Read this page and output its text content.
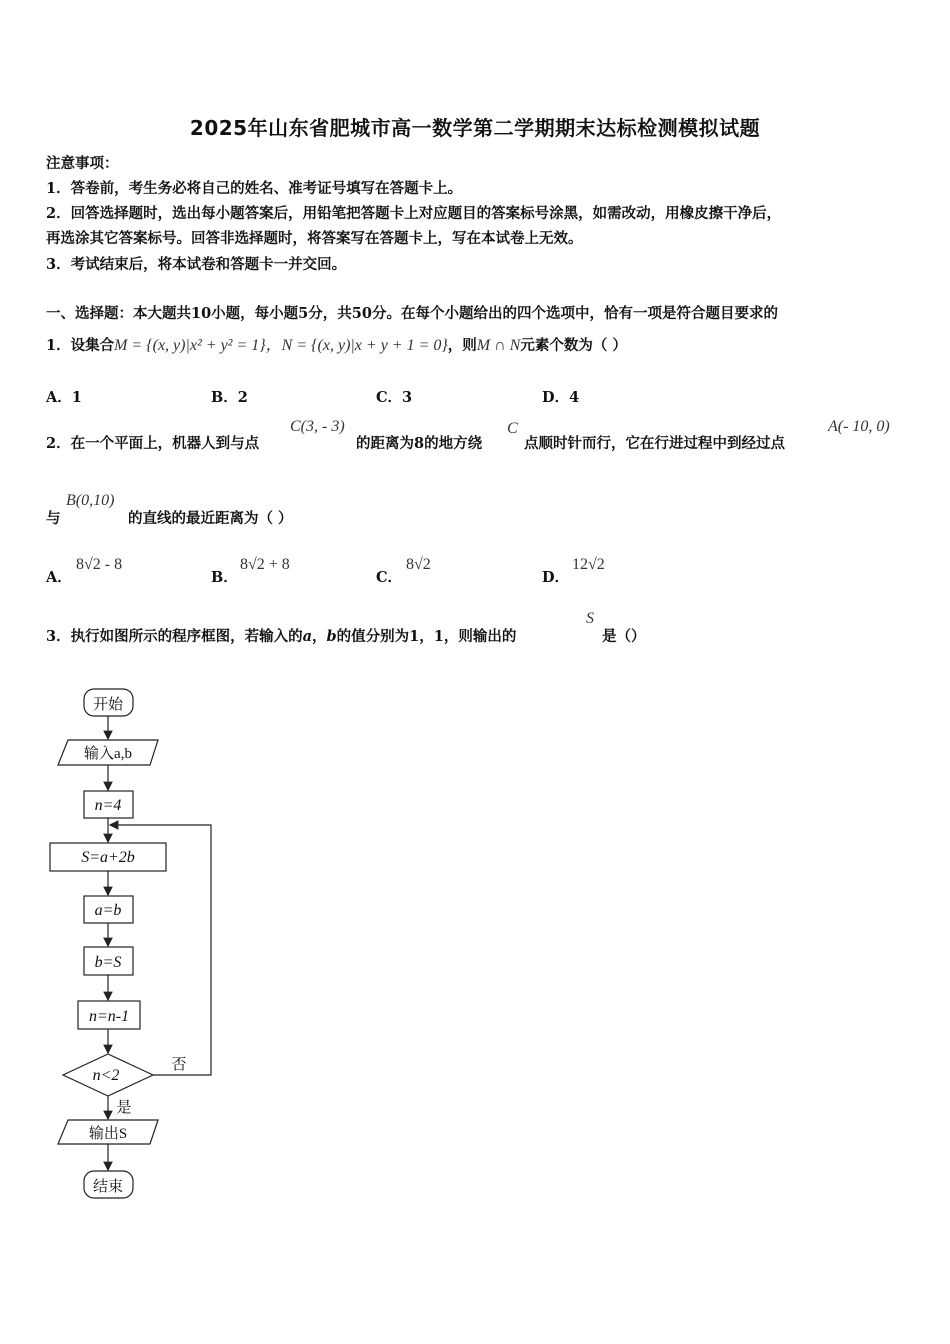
2025年山东省肥城市高一数学第二学期期末达标检测模拟试题
注意事项：
1．答卷前，考生务必将自己的姓名、准考证号填写在答题卡上。
2．回答选择题时，选出每小题答案后，用铅笔把答题卡上对应题目的答案标号涂黑，如需改动，用橡皮擦干净后，
再选涂其它答案标号。回答非选择题时，将答案写在答题卡上，写在本试卷上无效。
3．考试结束后，将本试卷和答题卡一并交回。
一、选择题：本大题共10小题，每小题5分，共50分。在每个小题给出的四个选项中，恰有一项是符合题目要求的
1．设集合M = {(x, y)|x² + y² = 1}，N = {(x, y)|x + y + 1 = 0}，则M ∩ N元素个数为（ ）
A．1	B．2	C．3	D．4
2．在一个平面上，机器人到与点
C(3, - 3)
的距离为8的地方绕
C
点顺时针而行，它在行进过程中到经过点
A(- 10, 0)
与
B(0,10)
的直线的最近距离为（ ）
A．
8√2 - 8
B．
8√2 + 8
C．
8√2
D．
12√2
3．执行如图所示的程序框图，若输入的a，b的值分别为1，1，则输出的
S
是（）
开始
输入a,b
n=4
S=a+2b
a=b
b=S
n=n-1
n<2
否
是
输出S
结束
